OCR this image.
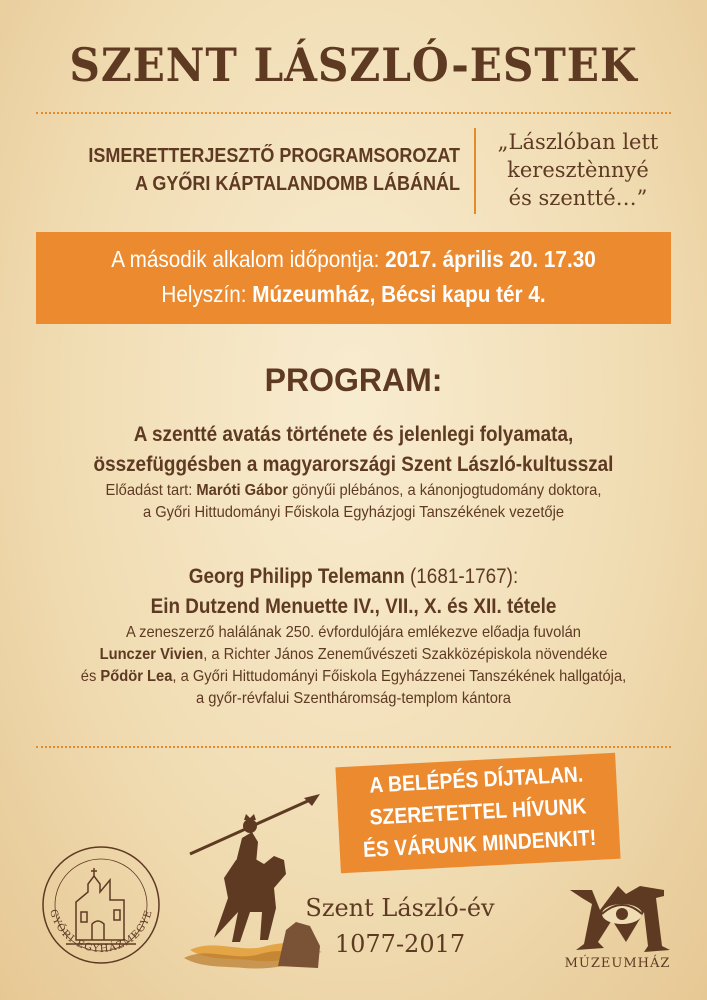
SZENT LÁSZLÓ-ESTEK
ISMERETTERJESZTŐ PROGRAMSOROZAT
A GYŐRI KÁPTALANDOMB LÁBÁNÁL
„Lászlóban lett
keresztènnyé
és szentté…”
A második alkalom időpontja: 2017. április 20. 17.30
Helyszín: Múzeumház, Bécsi kapu tér 4.
PROGRAM:
A szentté avatás története és jelenlegi folyamata,
összefüggésben a magyarországi Szent László-kultusszal
Előadást tart: Maróti Gábor gönyűi plébános, a kánonjogtudomány doktora,
a Győri Hittudományi Főiskola Egyházjogi Tanszékének vezetője
Georg Philipp Telemann (1681-1767):
Ein Dutzend Menuette IV., VII., X. és XII. tétele
A zeneszerző halálának 250. évfordulójára emlékezve előadja fuvolán
Lunczer Vivien, a Richter János Zeneművészeti Szakközépiskola növendéke
és Pődör Lea, a Győri Hittudományi Főiskola Egyházzenei Tanszékének hallgatója,
a győr-révfalui Szentháromság-templom kántora
A BELÉPÉS DÍJTALAN.
SZERETETTEL HÍVUNK
ÉS VÁRUNK MINDENKIT!
GYŐRI EGYHÁZMEGYE	Szent László-év
1077-2017
MÚZEUMHÁZ
